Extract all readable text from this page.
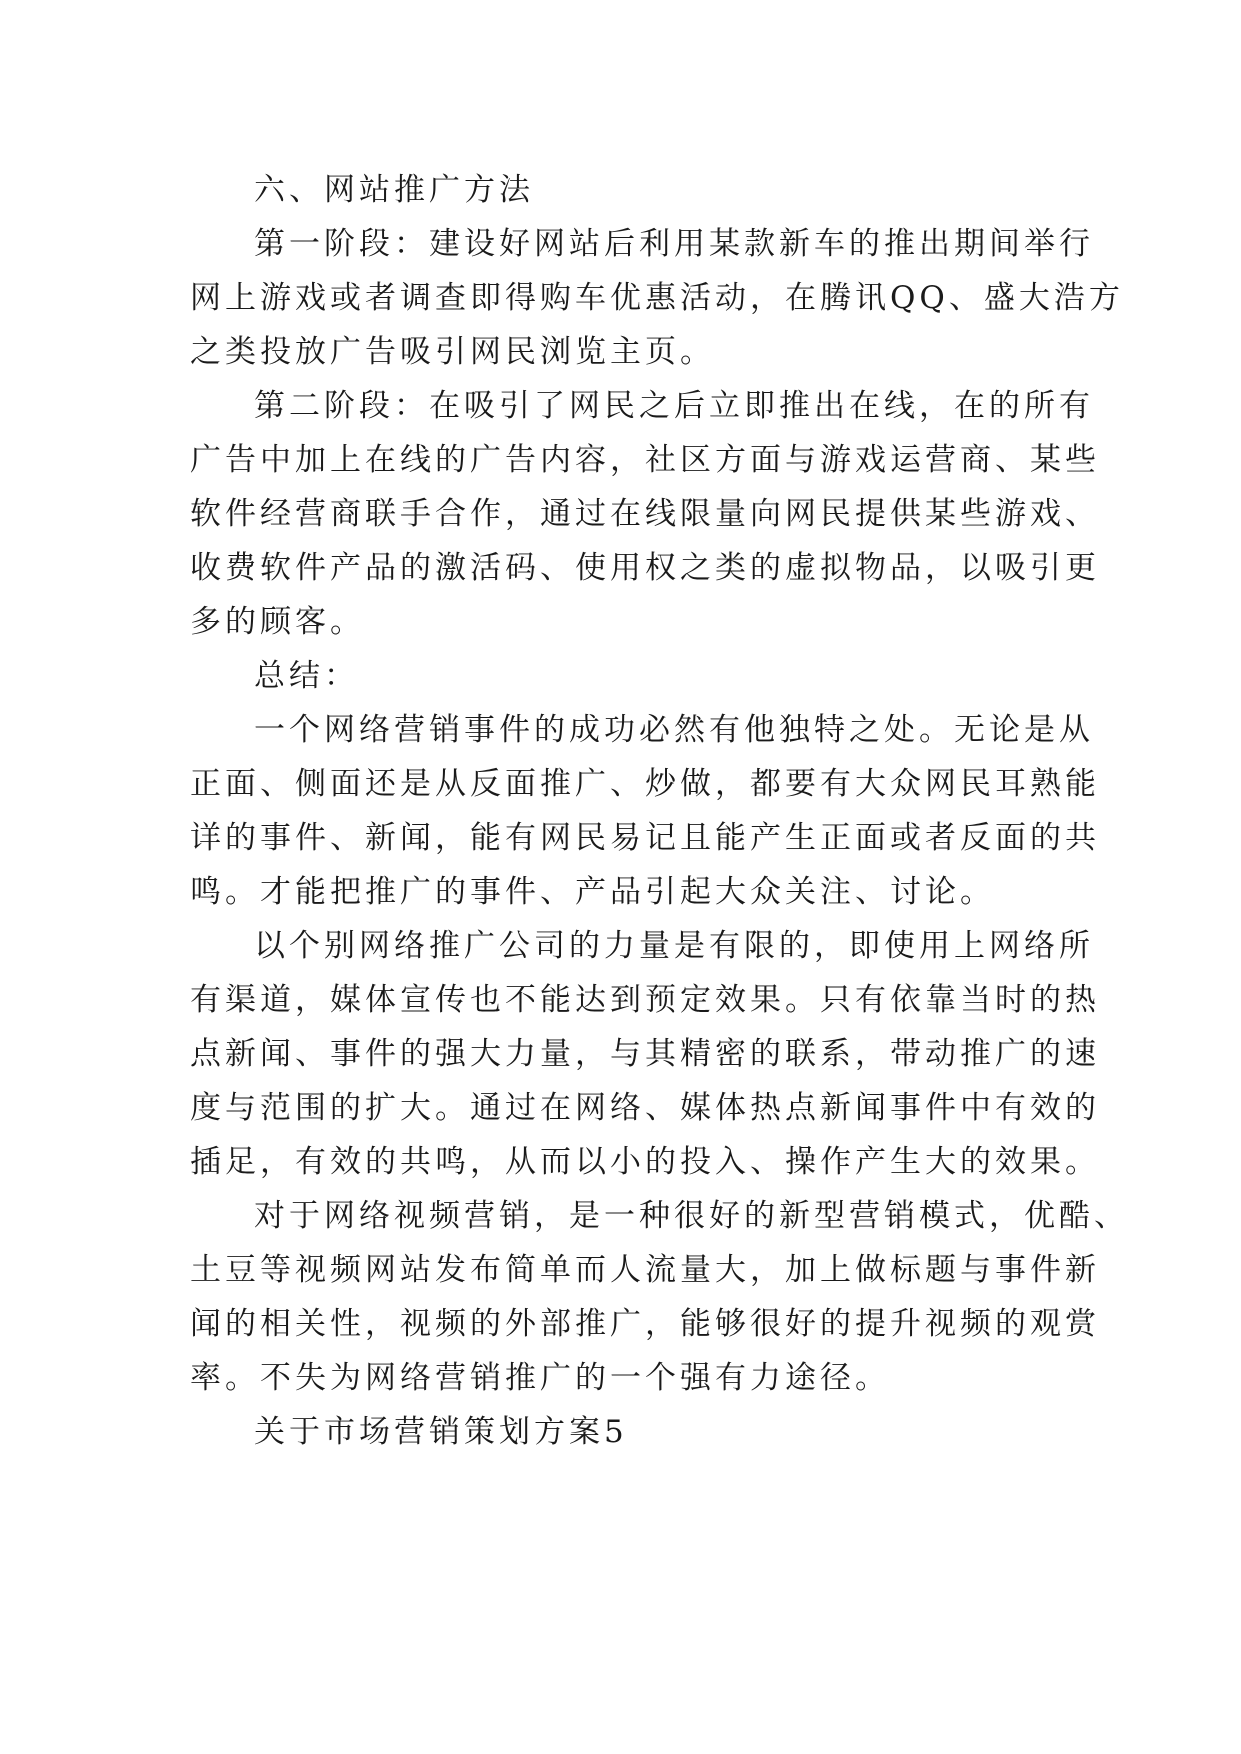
六、网站推广方法
第一阶段：建设好网站后利用某款新车的推出期间举行
网上游戏或者调查即得购车优惠活动，在腾讯QQ、盛大浩方
之类投放广告吸引网民浏览主页。
第二阶段：在吸引了网民之后立即推出在线，在的所有
广告中加上在线的广告内容，社区方面与游戏运营商、某些
软件经营商联手合作，通过在线限量向网民提供某些游戏、
收费软件产品的激活码、使用权之类的虚拟物品，以吸引更
多的顾客。
总结：
一个网络营销事件的成功必然有他独特之处。无论是从
正面、侧面还是从反面推广、炒做，都要有大众网民耳熟能
详的事件、新闻，能有网民易记且能产生正面或者反面的共
鸣。才能把推广的事件、产品引起大众关注、讨论。
以个别网络推广公司的力量是有限的，即使用上网络所
有渠道，媒体宣传也不能达到预定效果。只有依靠当时的热
点新闻、事件的强大力量，与其精密的联系，带动推广的速
度与范围的扩大。通过在网络、媒体热点新闻事件中有效的
插足，有效的共鸣，从而以小的投入、操作产生大的效果。
对于网络视频营销，是一种很好的新型营销模式，优酷、
土豆等视频网站发布简单而人流量大，加上做标题与事件新
闻的相关性，视频的外部推广，能够很好的提升视频的观赏
率。不失为网络营销推广的一个强有力途径。
关于市场营销策划方案5
